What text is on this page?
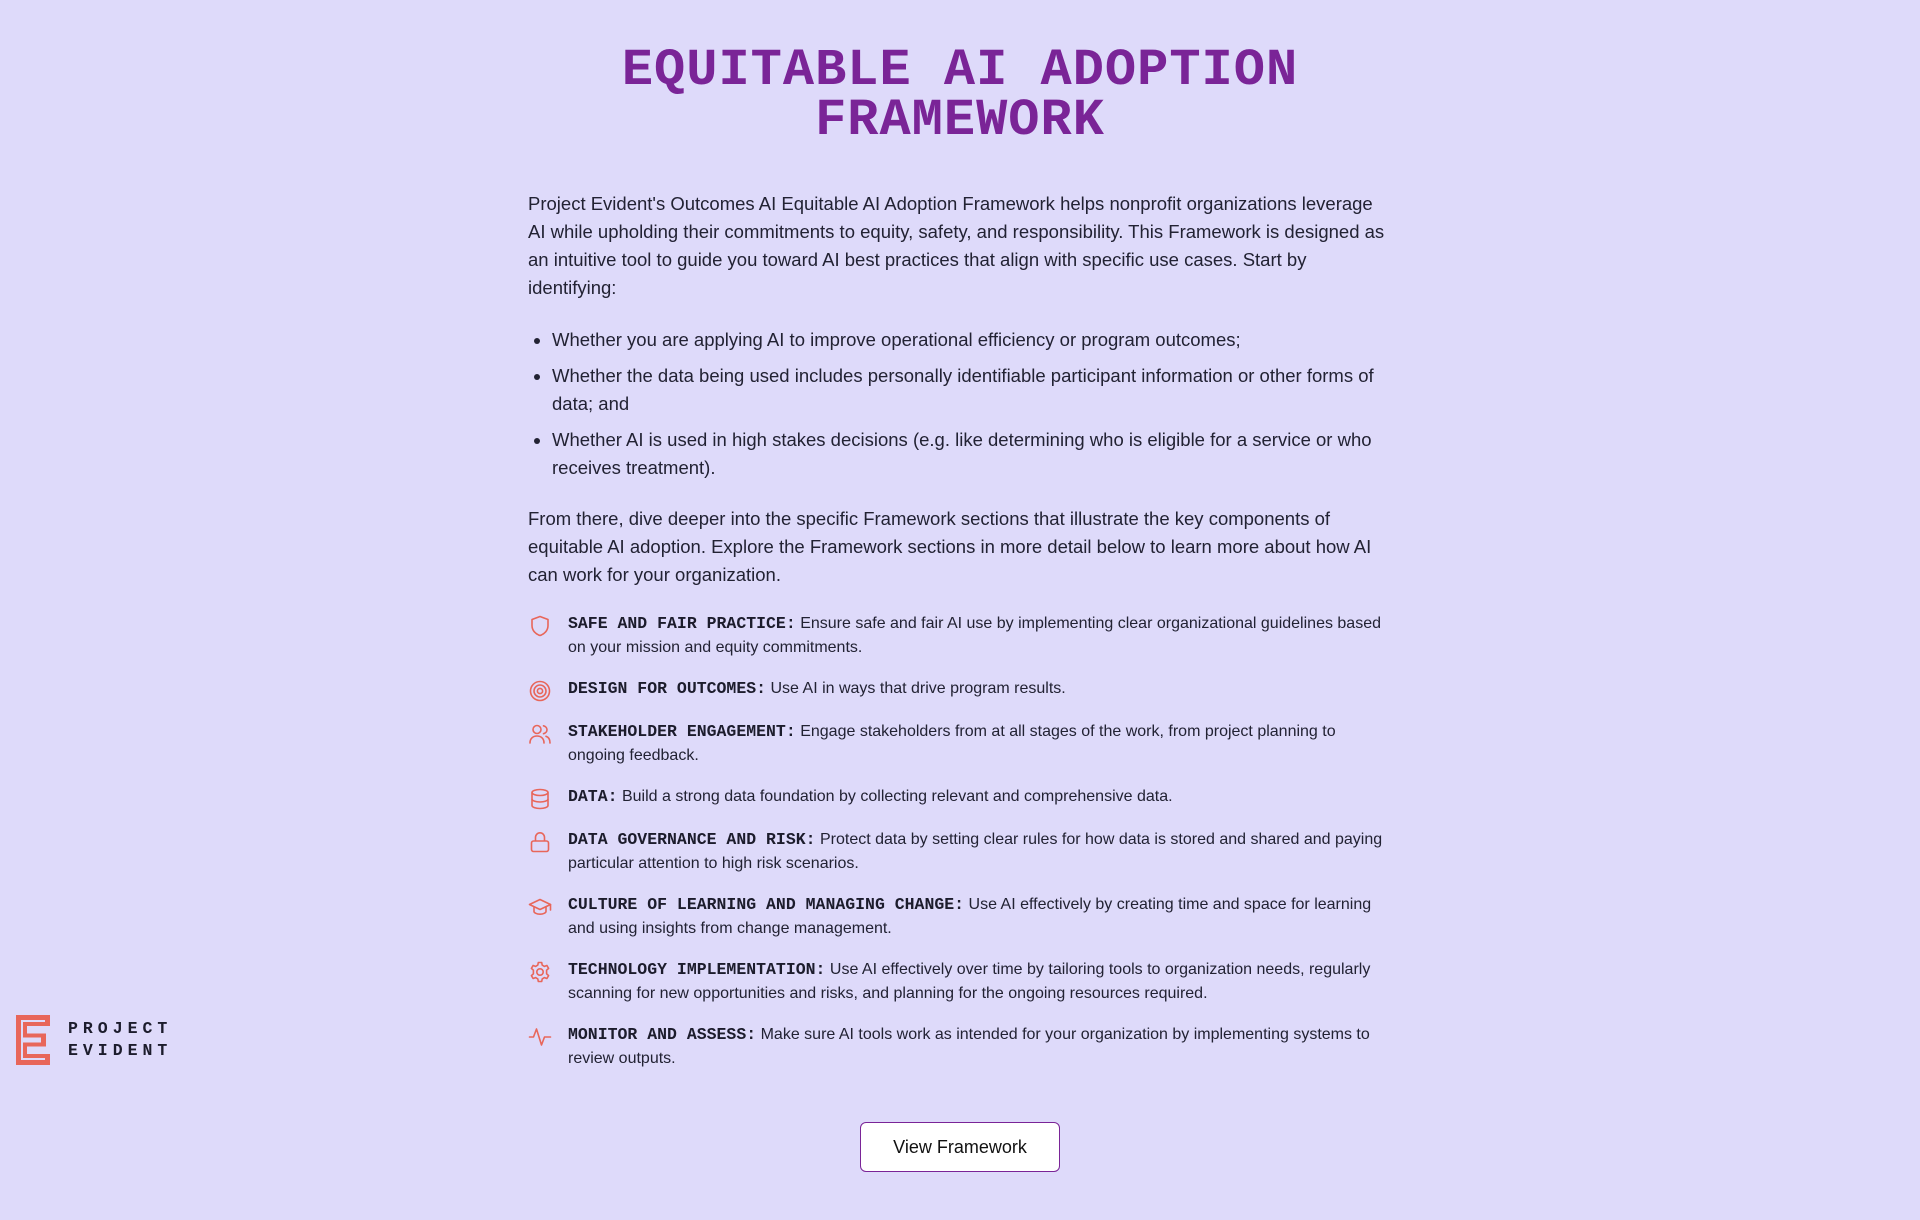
EQUITABLE AI ADOPTION
FRAMEWORK

Project Evident's Outcomes AI Equitable AI Adoption Framework helps nonprofit organizations leverage AI while upholding their commitments to equity, safety, and responsibility. This Framework is designed as an intuitive tool to guide you toward AI best practices that align with specific use cases. Start by identifying:

• Whether you are applying AI to improve operational efficiency or program outcomes;
• Whether the data being used includes personally identifiable participant information or other forms of data; and
• Whether AI is used in high stakes decisions (e.g. like determining who is eligible for a service or who receives treatment).

From there, dive deeper into the specific Framework sections that illustrate the key components of equitable AI adoption. Explore the Framework sections in more detail below to learn more about how AI can work for your organization.

SAFE AND FAIR PRACTICE: Ensure safe and fair AI use by implementing clear organizational guidelines based on your mission and equity commitments.
DESIGN FOR OUTCOMES: Use AI in ways that drive program results.
STAKEHOLDER ENGAGEMENT: Engage stakeholders from at all stages of the work, from project planning to ongoing feedback.
DATA: Build a strong data foundation by collecting relevant and comprehensive data.
DATA GOVERNANCE AND RISK: Protect data by setting clear rules for how data is stored and shared and paying particular attention to high risk scenarios.
CULTURE OF LEARNING AND MANAGING CHANGE: Use AI effectively by creating time and space for learning and using insights from change management.
TECHNOLOGY IMPLEMENTATION: Use AI effectively over time by tailoring tools to organization needs, regularly scanning for new opportunities and risks, and planning for the ongoing resources required.
MONITOR AND ASSESS: Make sure AI tools work as intended for your organization by implementing systems to review outputs.
View Framework
PROJECT
EVIDENT
